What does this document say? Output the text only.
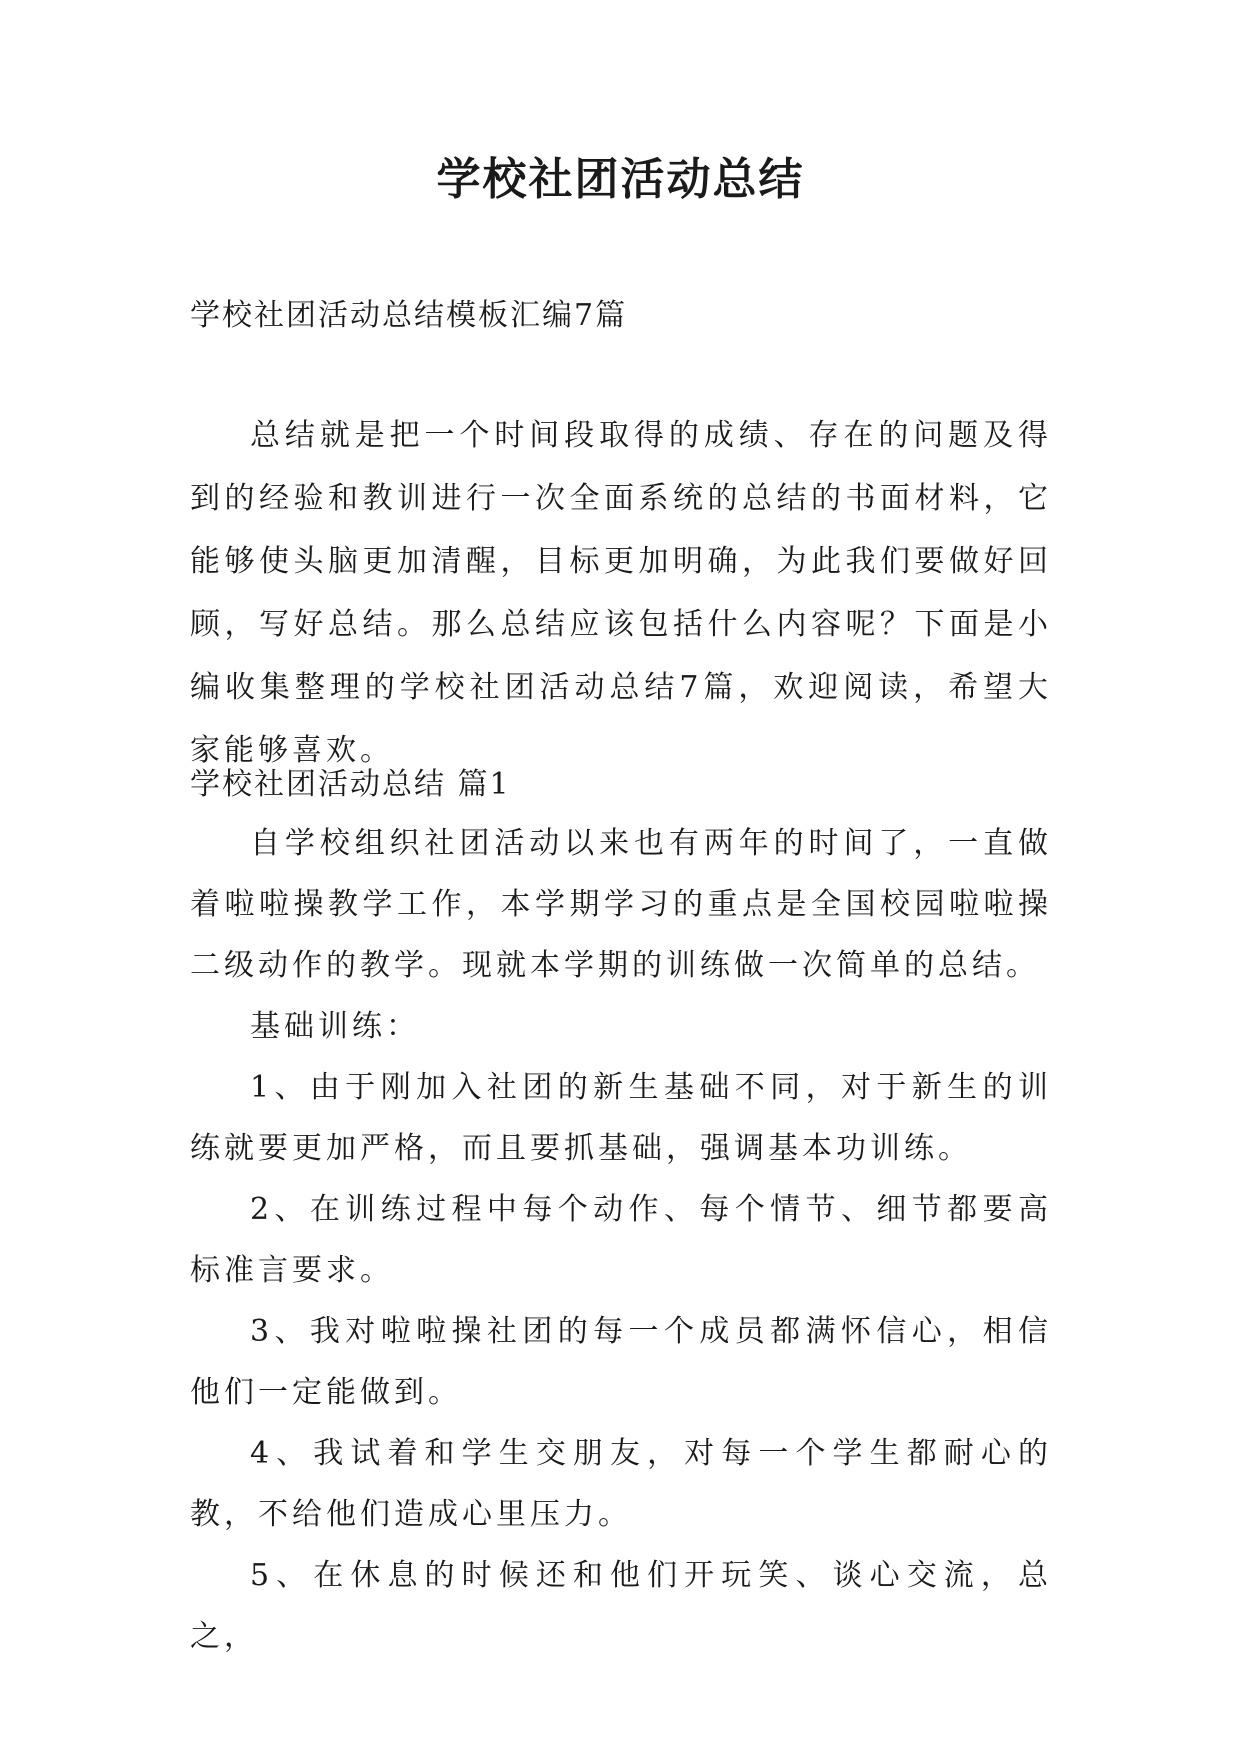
学校社团活动总结
学校社团活动总结模板汇编7篇

总结就是把一个时间段取得的成绩、存在的问题及得到的经验和教训进行一次全面系统的总结的书面材料，它能够使头脑更加清醒，目标更加明确，为此我们要做好回顾，写好总结。那么总结应该包括什么内容呢？下面是小编收集整理的学校社团活动总结7篇，欢迎阅读，希望大家能够喜欢。

学校社团活动总结 篇1

自学校组织社团活动以来也有两年的时间了，一直做着啦啦操教学工作，本学期学习的重点是全国校园啦啦操二级动作的教学。现就本学期的训练做一次简单的总结。

基础训练：

1、由于刚加入社团的新生基础不同，对于新生的训练就要更加严格，而且要抓基础，强调基本功训练。

2、在训练过程中每个动作、每个情节、细节都要高标准言要求。

3、我对啦啦操社团的每一个成员都满怀信心，相信他们一定能做到。

4、我试着和学生交朋友，对每一个学生都耐心的教，不给他们造成心里压力。

5、在休息的时候还和他们开玩笑、谈心交流，总之，
